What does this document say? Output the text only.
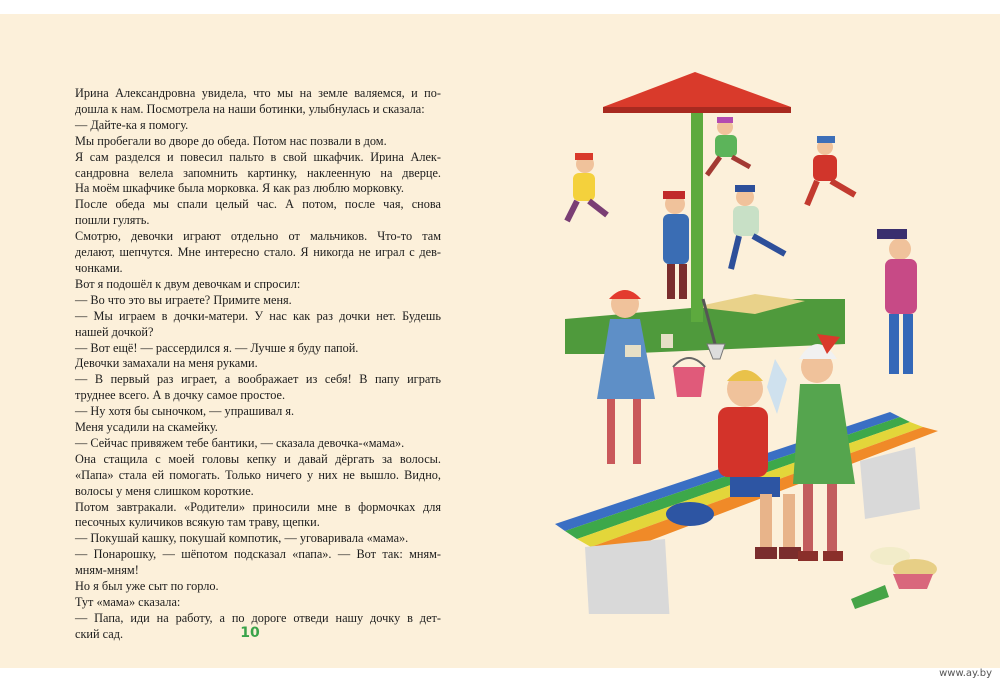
Ирина Александровна увидела, что мы на земле валяемся, и по-
дошла к нам. Посмотрела на наши ботинки, улыбнулась и сказала:

— Дайте-ка я помогу.

Мы пробегали во дворе до обеда. Потом нас позвали в дом.

Я сам разделся и повесил пальто в свой шкафчик. Ирина Алек-
сандровна велела запомнить картинку, наклеенную на дверце.
На моём шкафчике была морковка. Я как раз люблю морковку.

После обеда мы спали целый час. А потом, после чая, снова
пошли гулять.

Смотрю, девочки играют отдельно от мальчиков. Что-то там
делают, шепчутся. Мне интересно стало. Я никогда не играл с дев-
чонками.

Вот я подошёл к двум девочкам и спросил:

— Во что это вы играете? Примите меня.

— Мы играем в дочки-матери. У нас как раз дочки нет. Будешь
нашей дочкой?

— Вот ещё! — рассердился я. — Лучше я буду папой.

Девочки замахали на меня руками.

— В первый раз играет, а воображает из себя! В папу играть
труднее всего. А в дочку самое простое.

— Ну хотя бы сыночком, — упрашивал я.

Меня усадили на скамейку.

— Сейчас привяжем тебе бантики, — сказала девочка-«мама».

Она стащила с моей головы кепку и давай дёргать за волосы.
«Папа» стала ей помогать. Только ничего у них не вышло. Видно,
волосы у меня слишком короткие.

Потом завтракали. «Родители» приносили мне в формочках для
песочных куличиков всякую там траву, щепки.

— Покушай кашку, покушай компотик, — уговаривала «мама».

— Понарошку, — шёпотом подсказал «папа». — Вот так: мням-
мням-мням!

Но я был уже сыт по горло.

Тут «мама» сказала:

— Папа, иди на работу, а по дороге отведи нашу дочку в дет-
ский сад.	10
www.ay.by
